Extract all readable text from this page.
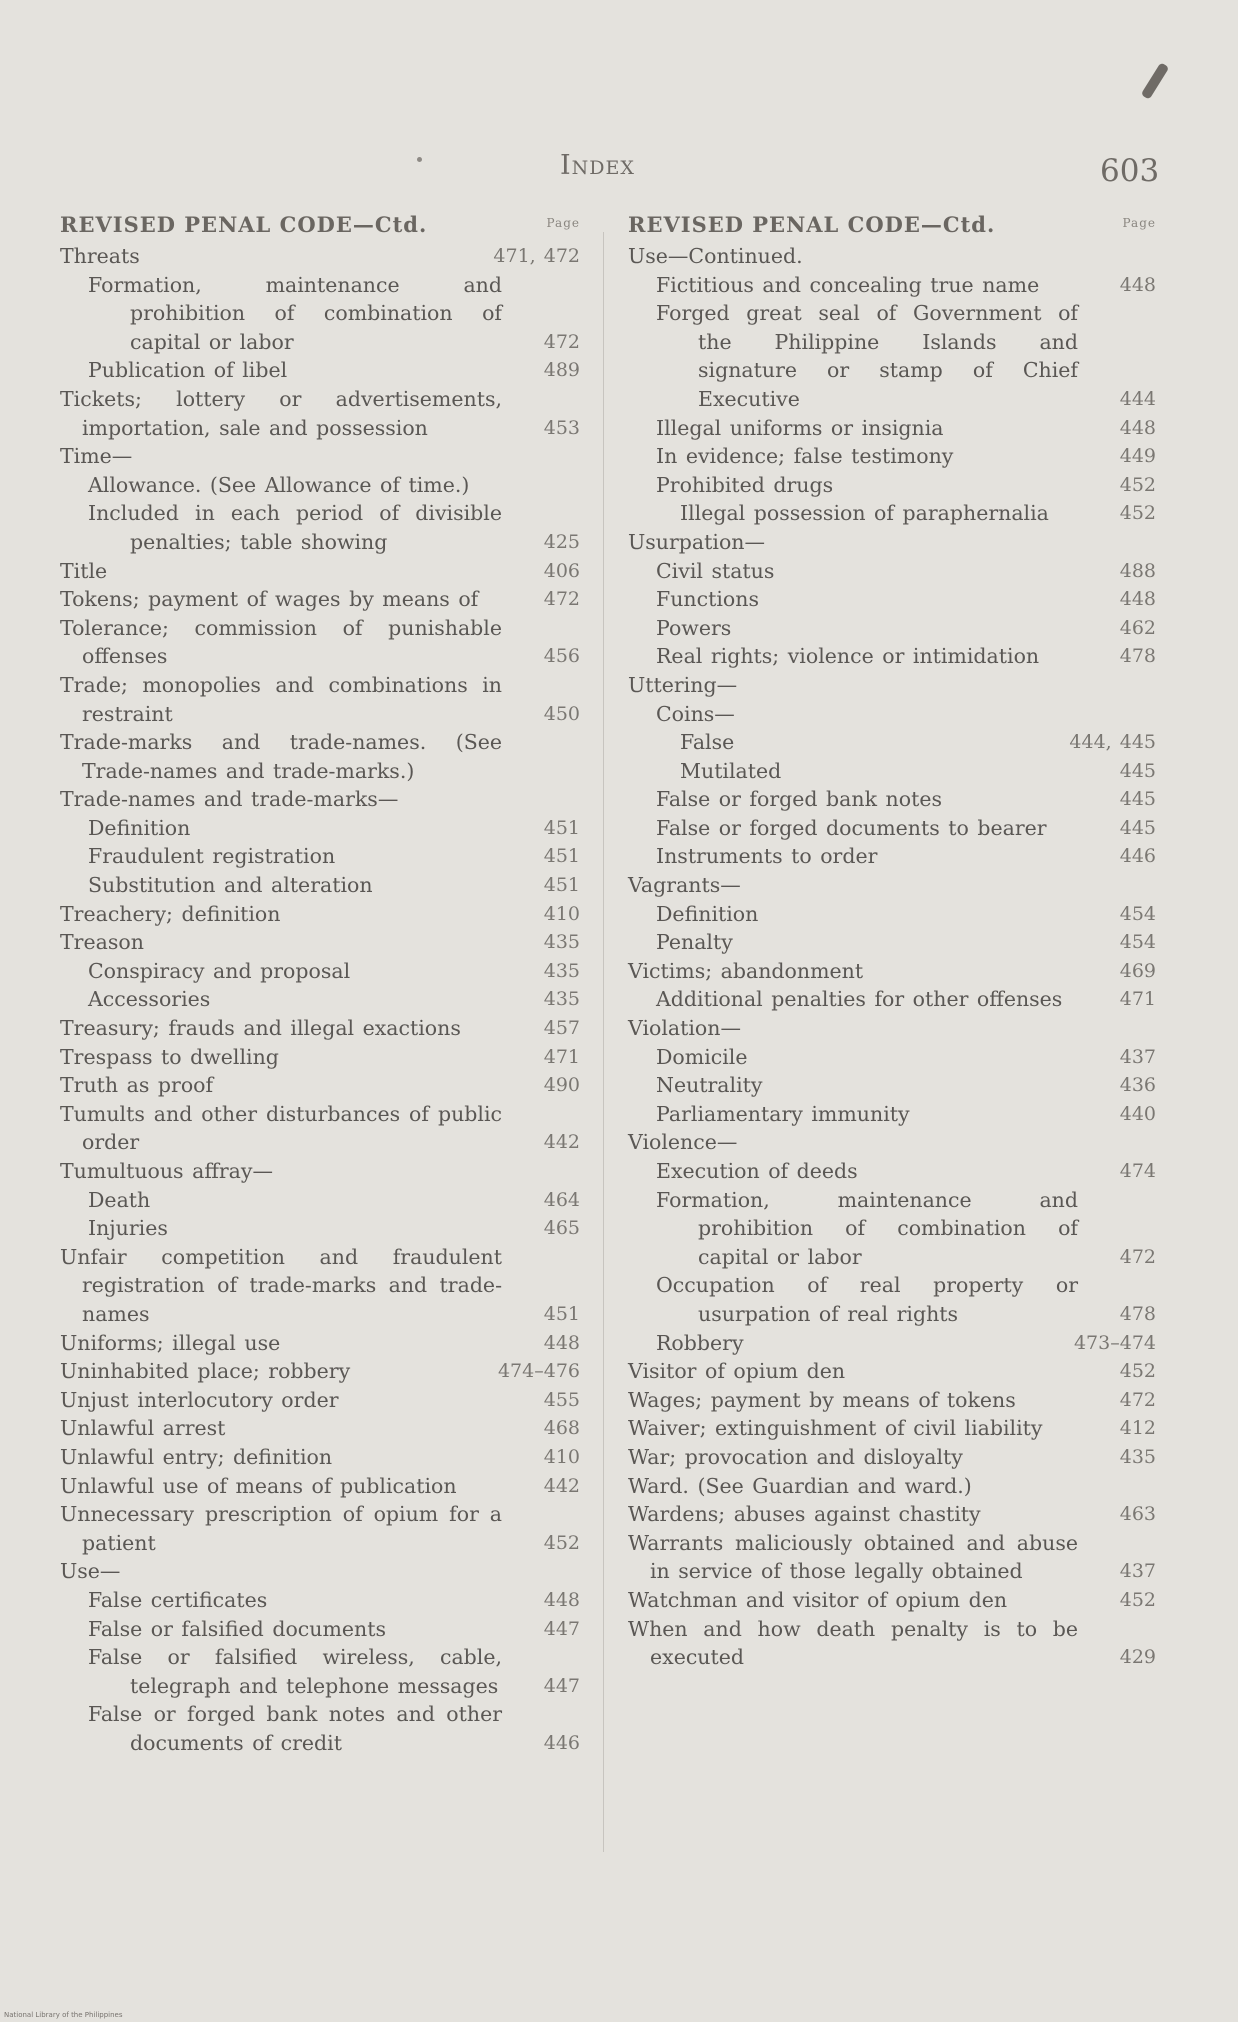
Index	603
REVISED PENAL CODE—Ctd.	Page
Threats	471, 472
Formation, maintenance and prohibition of combination of capital or labor	472
Publication of libel	489
Tickets; lottery or advertisements, importation, sale and possession	453
Time—
Allowance. (See Allowance of time.)
Included in each period of divisible penalties; table showing	425
Title	406
Tokens; payment of wages by means of	472
Tolerance; commission of punishable offenses	456
Trade; monopolies and combinations in restraint	450
Trade-marks and trade-names. (See Trade-names and trade-marks.)
Trade-names and trade-marks—
Definition	451
Fraudulent registration	451
Substitution and alteration	451
Treachery; definition	410
Treason	435
Conspiracy and proposal	435
Accessories	435
Treasury; frauds and illegal exactions	457
Trespass to dwelling	471
Truth as proof	490
Tumults and other disturbances of public order	442
Tumultuous affray—
Death	464
Injuries	465
Unfair competition and fraudulent registration of trade-marks and trade-names	451
Uniforms; illegal use	448
Uninhabited place; robbery	474–476
Unjust interlocutory order	455
Unlawful arrest	468
Unlawful entry; definition	410
Unlawful use of means of publication	442
Unnecessary prescription of opium for a patient	452
Use—
False certificates	448
False or falsified documents	447
False or falsified wireless, cable, telegraph and telephone messages	447
False or forged bank notes and other documents of credit	446
REVISED PENAL CODE—Ctd.	Page
Use—Continued.
Fictitious and concealing true name	448
Forged great seal of Government of the Philippine Islands and signature or stamp of Chief Executive	444
Illegal uniforms or insignia	448
In evidence; false testimony	449
Prohibited drugs	452
Illegal possession of paraphernalia	452
Usurpation—
Civil status	488
Functions	448
Powers	462
Real rights; violence or intimidation	478
Uttering—
Coins—
False	444, 445
Mutilated	445
False or forged bank notes	445
False or forged documents to bearer	445
Instruments to order	446
Vagrants—
Definition	454
Penalty	454
Victims; abandonment	469
Additional penalties for other offenses	471
Violation—
Domicile	437
Neutrality	436
Parliamentary immunity	440
Violence—
Execution of deeds	474
Formation, maintenance and prohibition of combination of capital or labor	472
Occupation of real property or usurpation of real rights	478
Robbery	473–474
Visitor of opium den	452
Wages; payment by means of tokens	472
Waiver; extinguishment of civil liability	412
War; provocation and disloyalty	435
Ward. (See Guardian and ward.)
Wardens; abuses against chastity	463
Warrants maliciously obtained and abuse in service of those legally obtained	437
Watchman and visitor of opium den	452
When and how death penalty is to be executed	429
National Library of the Philippines
